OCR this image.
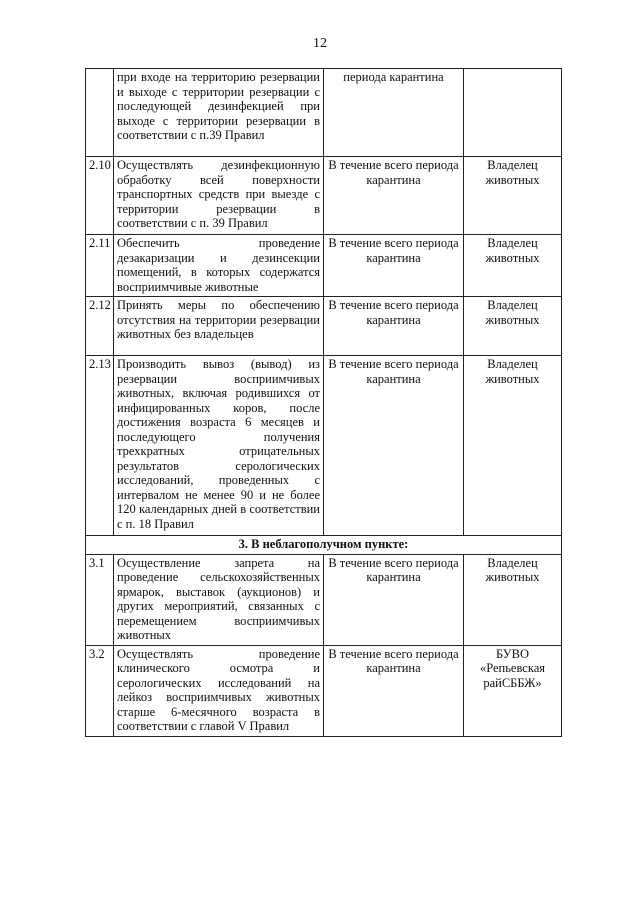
12
	при входе на территорию резервации и выходе с территории резервации с последующей дезинфекцией при выходе с территории резервации в соответствии с п.39 Правил	периода карантина	
2.10	Осуществлять дезинфекционную обработку всей поверхности транспортных средств при выезде с территории резервации в соответствии с п. 39 Правил	В течение всего периода карантина	Владелец животных
2.11	Обеспечить проведение дезакаризации и дезинсекции помещений, в которых содержатся восприимчивые животные	В течение всего периода карантина	Владелец животных
2.12	Принять меры по обеспечению отсутствия на территории резервации животных без владельцев	В течение всего периода карантина	Владелец животных
2.13	Производить вывоз (вывод) из резервации восприимчивых животных, включая родившихся от инфицированных коров, после достижения возраста 6 месяцев и последующего получения трехкратных отрицательных результатов серологических исследований, проведенных с интервалом не менее 90 и не более 120 календарных дней в соответствии с п. 18 Правил	В течение всего периода карантина	Владелец животных
3. В неблагополучном пункте:			
3.1	Осуществление запрета на проведение сельскохозяйственных ярмарок, выставок (аукционов) и других мероприятий, связанных с перемещением восприимчивых животных	В течение всего периода карантина	Владелец животных
3.2	Осуществлять проведение клинического осмотра и серологических исследований на лейкоз восприимчивых животных старше 6-месячного возраста в соответствии с главой V Правил	В течение всего периода карантина	БУВО «Репьевская райСББЖ»
